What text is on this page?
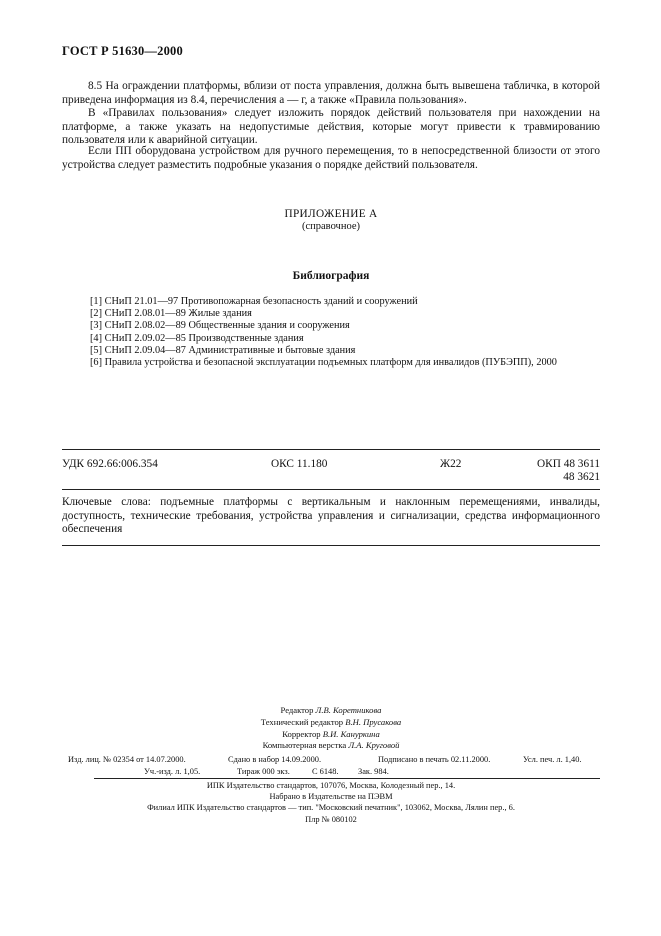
ГОСТ Р 51630—2000

8.5 На ограждении платформы, вблизи от поста управления, должна быть вывешена табличка, в которой приведена информация из 8.4, перечисления а — г, а также «Правила пользования».

В «Правилах пользования» следует изложить порядок действий пользователя при нахождении на платформе, а также указать на недопустимые действия, которые могут привести к травмированию пользователя или к аварийной ситуации.

Если ПП оборудована устройством для ручного перемещения, то в непосредственной близости от этого устройства следует разместить подробные указания о порядке действий пользователя.

ПРИЛОЖЕНИЕ А
(справочное)
Библиография
[1] СНиП 21.01—97 Противопожарная безопасность зданий и сооружений
[2] СНиП 2.08.01—89 Жилые здания
[3] СНиП 2.08.02—89 Общественные здания и сооружения
[4] СНиП 2.09.02—85 Производственные здания
[5] СНиП 2.09.04—87 Административные и бытовые здания
[6] Правила устройства и безопасной эксплуатации подъемных платформ для инвалидов (ПУБЭПП), 2000
УДК 692.66:006.354	ОКС 11.180	Ж22	ОКП 48 3611
48 3621
Ключевые слова: подъемные платформы с вертикальным и наклонным перемещениями, инвалиды, доступность, технические требования, устройства управления и сигнализации, средства информационного обеспечения
Редактор Л.В. Коретникова
Технический редактор В.Н. Прусакова
Корректор В.И. Кануркина
Компьютерная верстка Л.А. Круговой
Изд. лиц. № 02354 от 14.07.2000.	Сдано в набор 14.09.2000.	Подписано в печать 02.11.2000.	Усл. печ. л. 1,40.
Уч.-изд. л. 1,05.	Тираж 000 экз.	С 6148. Зак. 984.
ИПК Издательство стандартов, 107076, Москва, Колодезный пер., 14.
Набрано в Издательстве на ПЭВМ
Филиал ИПК Издательство стандартов — тип. "Московский печатник", 103062, Москва, Лялин пер., 6.
Плр № 080102
